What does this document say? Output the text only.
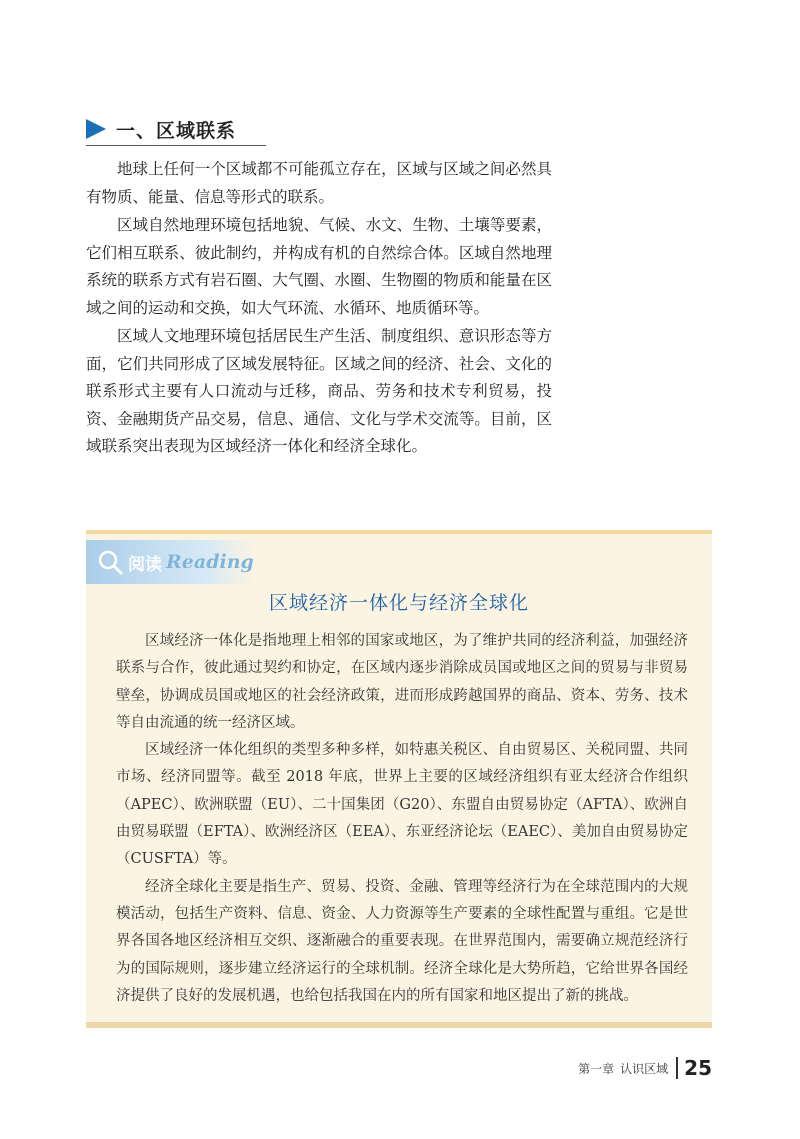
一、区域联系

地球上任何一个区域都不可能孤立存在，区域与区域之间必然具有物质、能量、信息等形式的联系。

区域自然地理环境包括地貌、气候、水文、生物、土壤等要素，它们相互联系、彼此制约，并构成有机的自然综合体。区域自然地理系统的联系方式有岩石圈、大气圈、水圈、生物圈的物质和能量在区域之间的运动和交换，如大气环流、水循环、地质循环等。

区域人文地理环境包括居民生产生活、制度组织、意识形态等方面，它们共同形成了区域发展特征。区域之间的经济、社会、文化的联系形式主要有人口流动与迁移，商品、劳务和技术专利贸易，投资、金融期货产品交易，信息、通信、文化与学术交流等。目前，区域联系突出表现为区域经济一体化和经济全球化。

阅读 Reading
区域经济一体化与经济全球化

区域经济一体化是指地理上相邻的国家或地区，为了维护共同的经济利益，加强经济联系与合作，彼此通过契约和协定，在区域内逐步消除成员国或地区之间的贸易与非贸易壁垒，协调成员国或地区的社会经济政策，进而形成跨越国界的商品、资本、劳务、技术等自由流通的统一经济区域。

区域经济一体化组织的类型多种多样，如特惠关税区、自由贸易区、关税同盟、共同市场、经济同盟等。截至 2018 年底，世界上主要的区域经济组织有亚太经济合作组织（APEC）、欧洲联盟（EU）、二十国集团（G20）、东盟自由贸易协定（AFTA）、欧洲自由贸易联盟（EFTA）、欧洲经济区（EEA）、东亚经济论坛（EAEC）、美加自由贸易协定（CUSFTA）等。

经济全球化主要是指生产、贸易、投资、金融、管理等经济行为在全球范围内的大规模活动，包括生产资料、信息、资金、人力资源等生产要素的全球性配置与重组。它是世界各国各地区经济相互交织、逐渐融合的重要表现。在世界范围内，需要确立规范经济行为的国际规则，逐步建立经济运行的全球机制。经济全球化是大势所趋，它给世界各国经济提供了良好的发展机遇，也给包括我国在内的所有国家和地区提出了新的挑战。

第一章 认识区域 25
